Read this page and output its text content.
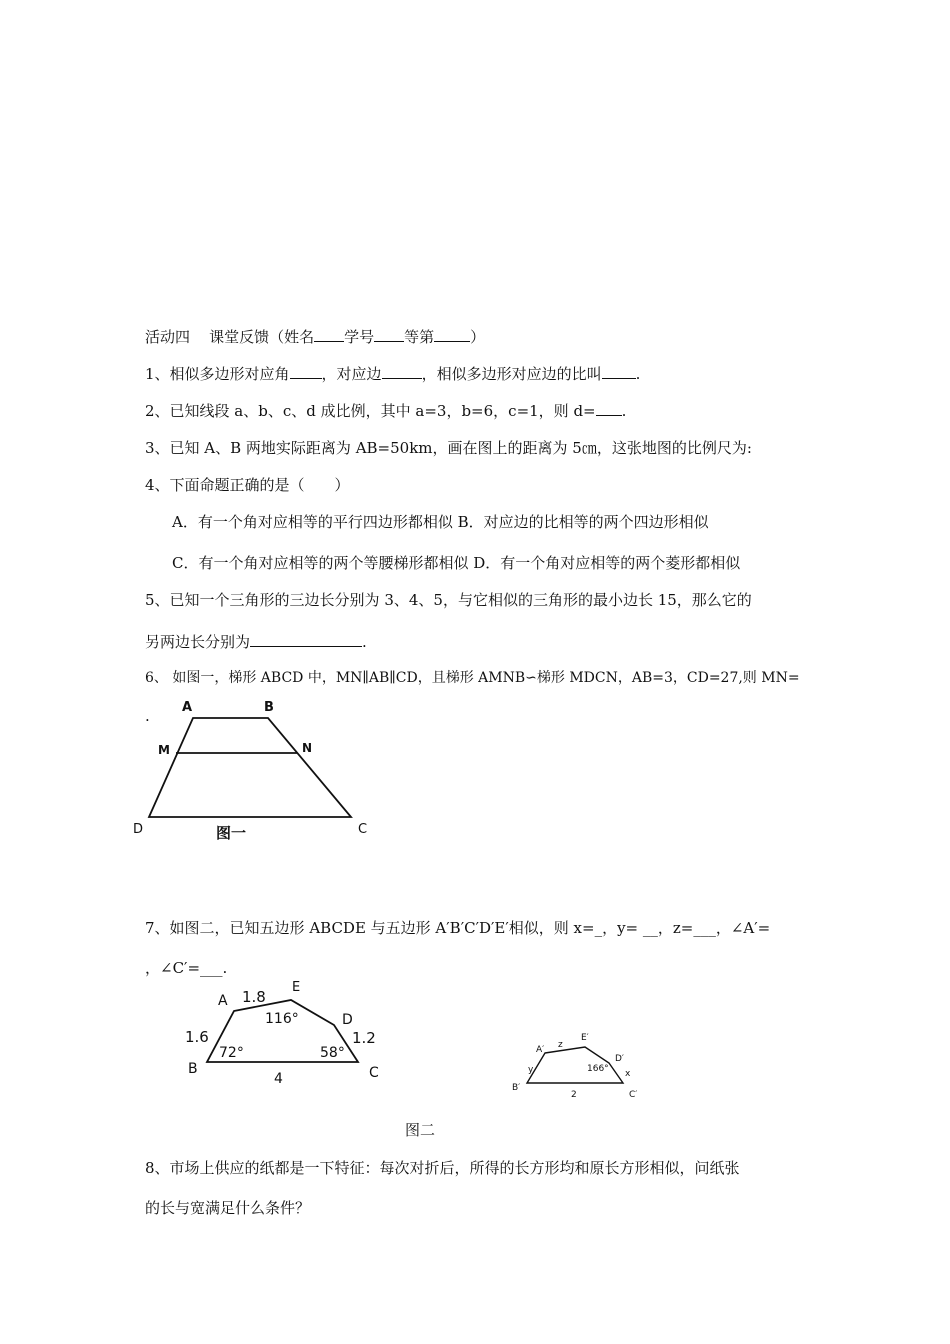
活动四 课堂反馈（姓名 学号 等第 ）
1、相似多边形对应角 ，对应边	，相似多边形对应边的比叫 .
2、已知线段 a、b、c、d 成比例，其中 a=3，b=6，c=1，则 d= .
3、已知 A、B 两地实际距离为 AB=50km，画在图上的距离为 5㎝，这张地图的比例尺为:
4、下面命题正确的是（　　）
A．有一个角对应相等的平行四边形都相似 B．对应边的比相等的两个四边形相似
C．有一个角对应相等的两个等腰梯形都相似 D．有一个角对应相等的两个菱形都相似
5、已知一个三角形的三边长分别为 3、4、5，与它相似的三角形的最小边长 15，那么它的
另两边长分别为	.
6、 如图一，梯形 ABCD 中，MN∥AB∥CD，且梯形 AMNB∽梯形 MDCN，AB=3，CD=27,则 MN=
. A	B
M	N
D	C
图一
7、如图二，已知五边形 ABCDE 与五边形 A′B′C′D′E′相似，则 x=_，y= __，z=___，∠A′=
，∠C′=___.
A
E
D
B	C
1.8
1.6	1.2
4
116°
72°	58°	A′
E′
D′
B′
C′
z
y	x
166°
2
图二
8、市场上供应的纸都是一下特征：每次对折后，所得的长方形均和原长方形相似，问纸张
的长与宽满足什么条件？
